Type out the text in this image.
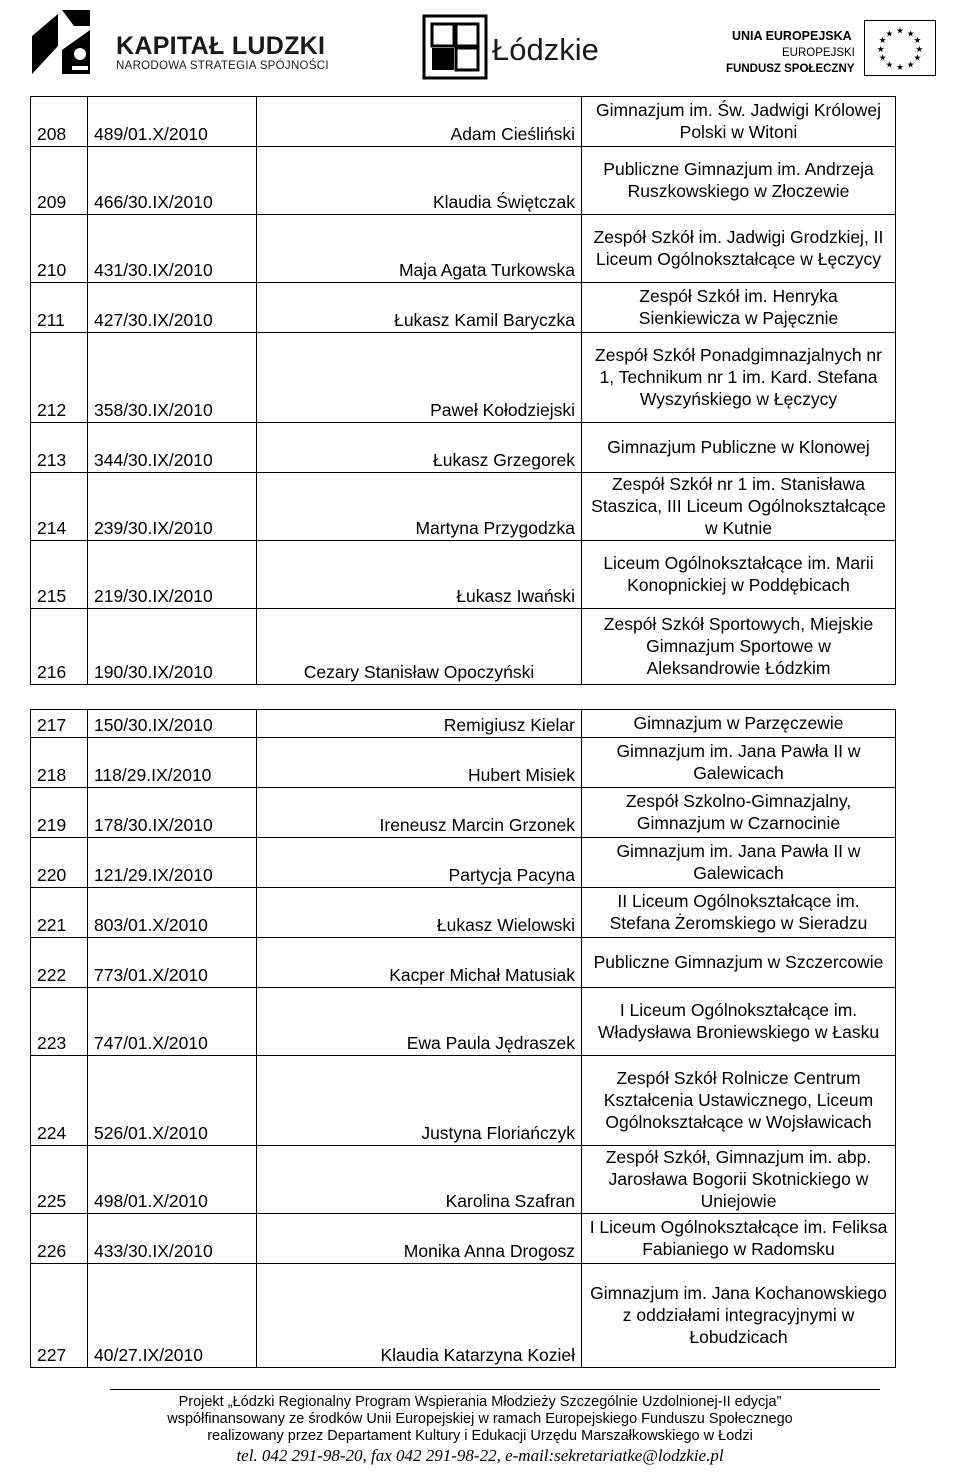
KAPITAŁ LUDZKI
NARODOWA STRATEGIA SPÓJNOŚCI	Łódzkie	UNIA EUROPEJSKA
EUROPEJSKI
FUNDUSZ SPOŁECZNY
★ ★
★
★
★
★
★
★
★
★
★
★
208	489/01.X/2010	Adam Cieśliński	Gimnazjum im. Św. Jadwigi Królowej Polski w Witoni
209	466/30.IX/2010	Klaudia Świętczak	Publiczne Gimnazjum im. Andrzeja Ruszkowskiego w Złoczewie
210	431/30.IX/2010	Maja Agata Turkowska	Zespół Szkół im. Jadwigi Grodzkiej, II Liceum Ogólnokształcące w Łęczycy
211	427/30.IX/2010	Łukasz Kamil Baryczka	Zespół Szkół im. Henryka Sienkiewicza w Pajęcznie
212	358/30.IX/2010	Paweł Kołodziejski	Zespół Szkół Ponadgimnazjalnych nr 1, Technikum nr 1 im. Kard. Stefana Wyszyńskiego w Łęczycy
213	344/30.IX/2010	Łukasz Grzegorek	Gimnazjum Publiczne w Klonowej
214	239/30.IX/2010	Martyna Przygodzka	Zespół Szkół nr 1 im. Stanisława Staszica, III Liceum Ogólnokształcące w Kutnie
215	219/30.IX/2010	Łukasz Iwański	Liceum Ogólnokształcące im. Marii Konopnickiej w Poddębicach
216	190/30.IX/2010	Cezary Stanisław Opoczyński	Zespół Szkół Sportowych, Miejskie Gimnazjum Sportowe w Aleksandrowie Łódzkim

217	150/30.IX/2010	Remigiusz Kielar	Gimnazjum w Parzęczewie
218	118/29.IX/2010	Hubert Misiek	Gimnazjum im. Jana Pawła II w Galewicach
219	178/30.IX/2010	Ireneusz Marcin Grzonek	Zespół Szkolno-Gimnazjalny, Gimnazjum w Czarnocinie
220	121/29.IX/2010	Partycja Pacyna	Gimnazjum im. Jana Pawła II w Galewicach
221	803/01.X/2010	Łukasz Wielowski	II Liceum Ogólnokształcące im. Stefana Żeromskiego w Sieradzu
222	773/01.X/2010	Kacper Michał Matusiak	Publiczne Gimnazjum w Szczercowie
223	747/01.X/2010	Ewa Paula Jędraszek	I Liceum Ogólnokształcące im. Władysława Broniewskiego w Łasku
224	526/01.X/2010	Justyna Floriańczyk	Zespół Szkół Rolnicze Centrum Kształcenia Ustawicznego, Liceum Ogólnokształcące w Wojsławicach
225	498/01.X/2010	Karolina Szafran	Zespół Szkół, Gimnazjum im. abp. Jarosława Bogorii Skotnickiego w Uniejowie
226	433/30.IX/2010	Monika Anna Drogosz	I Liceum Ogólnokształcące im. Feliksa Fabianiego w Radomsku
227	40/27.IX/2010	Klaudia Katarzyna Kozieł	Gimnazjum im. Jana Kochanowskiego z oddziałami integracyjnymi w Łobudzicach
Projekt „Łódzki Regionalny Program Wspierania Młodzieży Szczególnie Uzdolnionej-II edycja”
współfinansowany ze środków Unii Europejskiej w ramach Europejskiego Funduszu Społecznego
realizowany przez Departament Kultury i Edukacji Urzędu Marszałkowskiego w Łodzi
tel. 042 291-98-20, fax 042 291-98-22, e-mail:sekretariatke@lodzkie.pl
